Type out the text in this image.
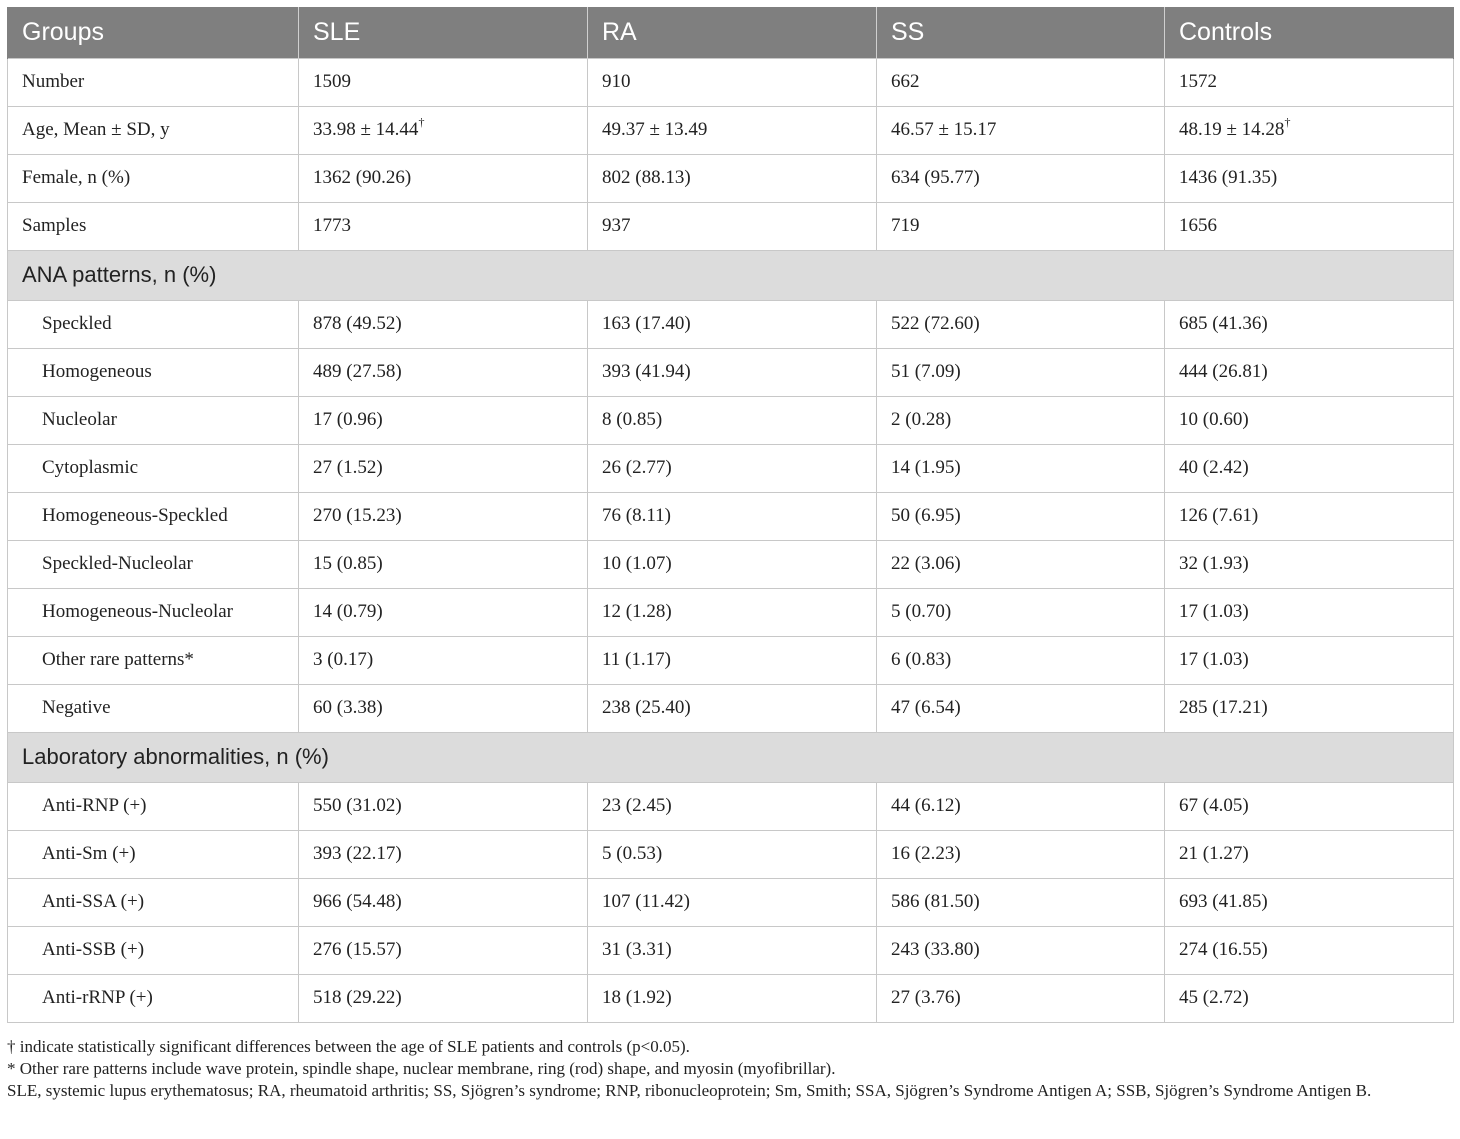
Groups	SLE	RA	SS	Controls
Number	1509	910	662	1572
Age, Mean ± SD, y	33.98 ± 14.44†	49.37 ± 13.49	46.57 ± 15.17	48.19 ± 14.28†
Female, n (%)	1362 (90.26)	802 (88.13)	634 (95.77)	1436 (91.35)
Samples	1773	937	719	1656
ANA patterns, n (%)				
Speckled	878 (49.52)	163 (17.40)	522 (72.60)	685 (41.36)
Homogeneous	489 (27.58)	393 (41.94)	51 (7.09)	444 (26.81)
Nucleolar	17 (0.96)	8 (0.85)	2 (0.28)	10 (0.60)
Cytoplasmic	27 (1.52)	26 (2.77)	14 (1.95)	40 (2.42)
Homogeneous-Speckled	270 (15.23)	76 (8.11)	50 (6.95)	126 (7.61)
Speckled-Nucleolar	15 (0.85)	10 (1.07)	22 (3.06)	32 (1.93)
Homogeneous-Nucleolar	14 (0.79)	12 (1.28)	5 (0.70)	17 (1.03)
Other rare patterns*	3 (0.17)	11 (1.17)	6 (0.83)	17 (1.03)
Negative	60 (3.38)	238 (25.40)	47 (6.54)	285 (17.21)
Laboratory abnormalities, n (%)				
Anti-RNP (+)	550 (31.02)	23 (2.45)	44 (6.12)	67 (4.05)
Anti-Sm (+)	393 (22.17)	5 (0.53)	16 (2.23)	21 (1.27)
Anti-SSA (+)	966 (54.48)	107 (11.42)	586 (81.50)	693 (41.85)
Anti-SSB (+)	276 (15.57)	31 (3.31)	243 (33.80)	274 (16.55)
Anti-rRNP (+)	518 (29.22)	18 (1.92)	27 (3.76)	45 (2.72)

† indicate statistically significant differences between the age of SLE patients and controls (p<0.05).

* Other rare patterns include wave protein, spindle shape, nuclear membrane, ring (rod) shape, and myosin (myofibrillar).

SLE, systemic lupus erythematosus; RA, rheumatoid arthritis; SS, Sjögren’s syndrome; RNP, ribonucleoprotein; Sm, Smith; SSA, Sjögren’s Syndrome Antigen A; SSB, Sjögren’s Syndrome Antigen B.
